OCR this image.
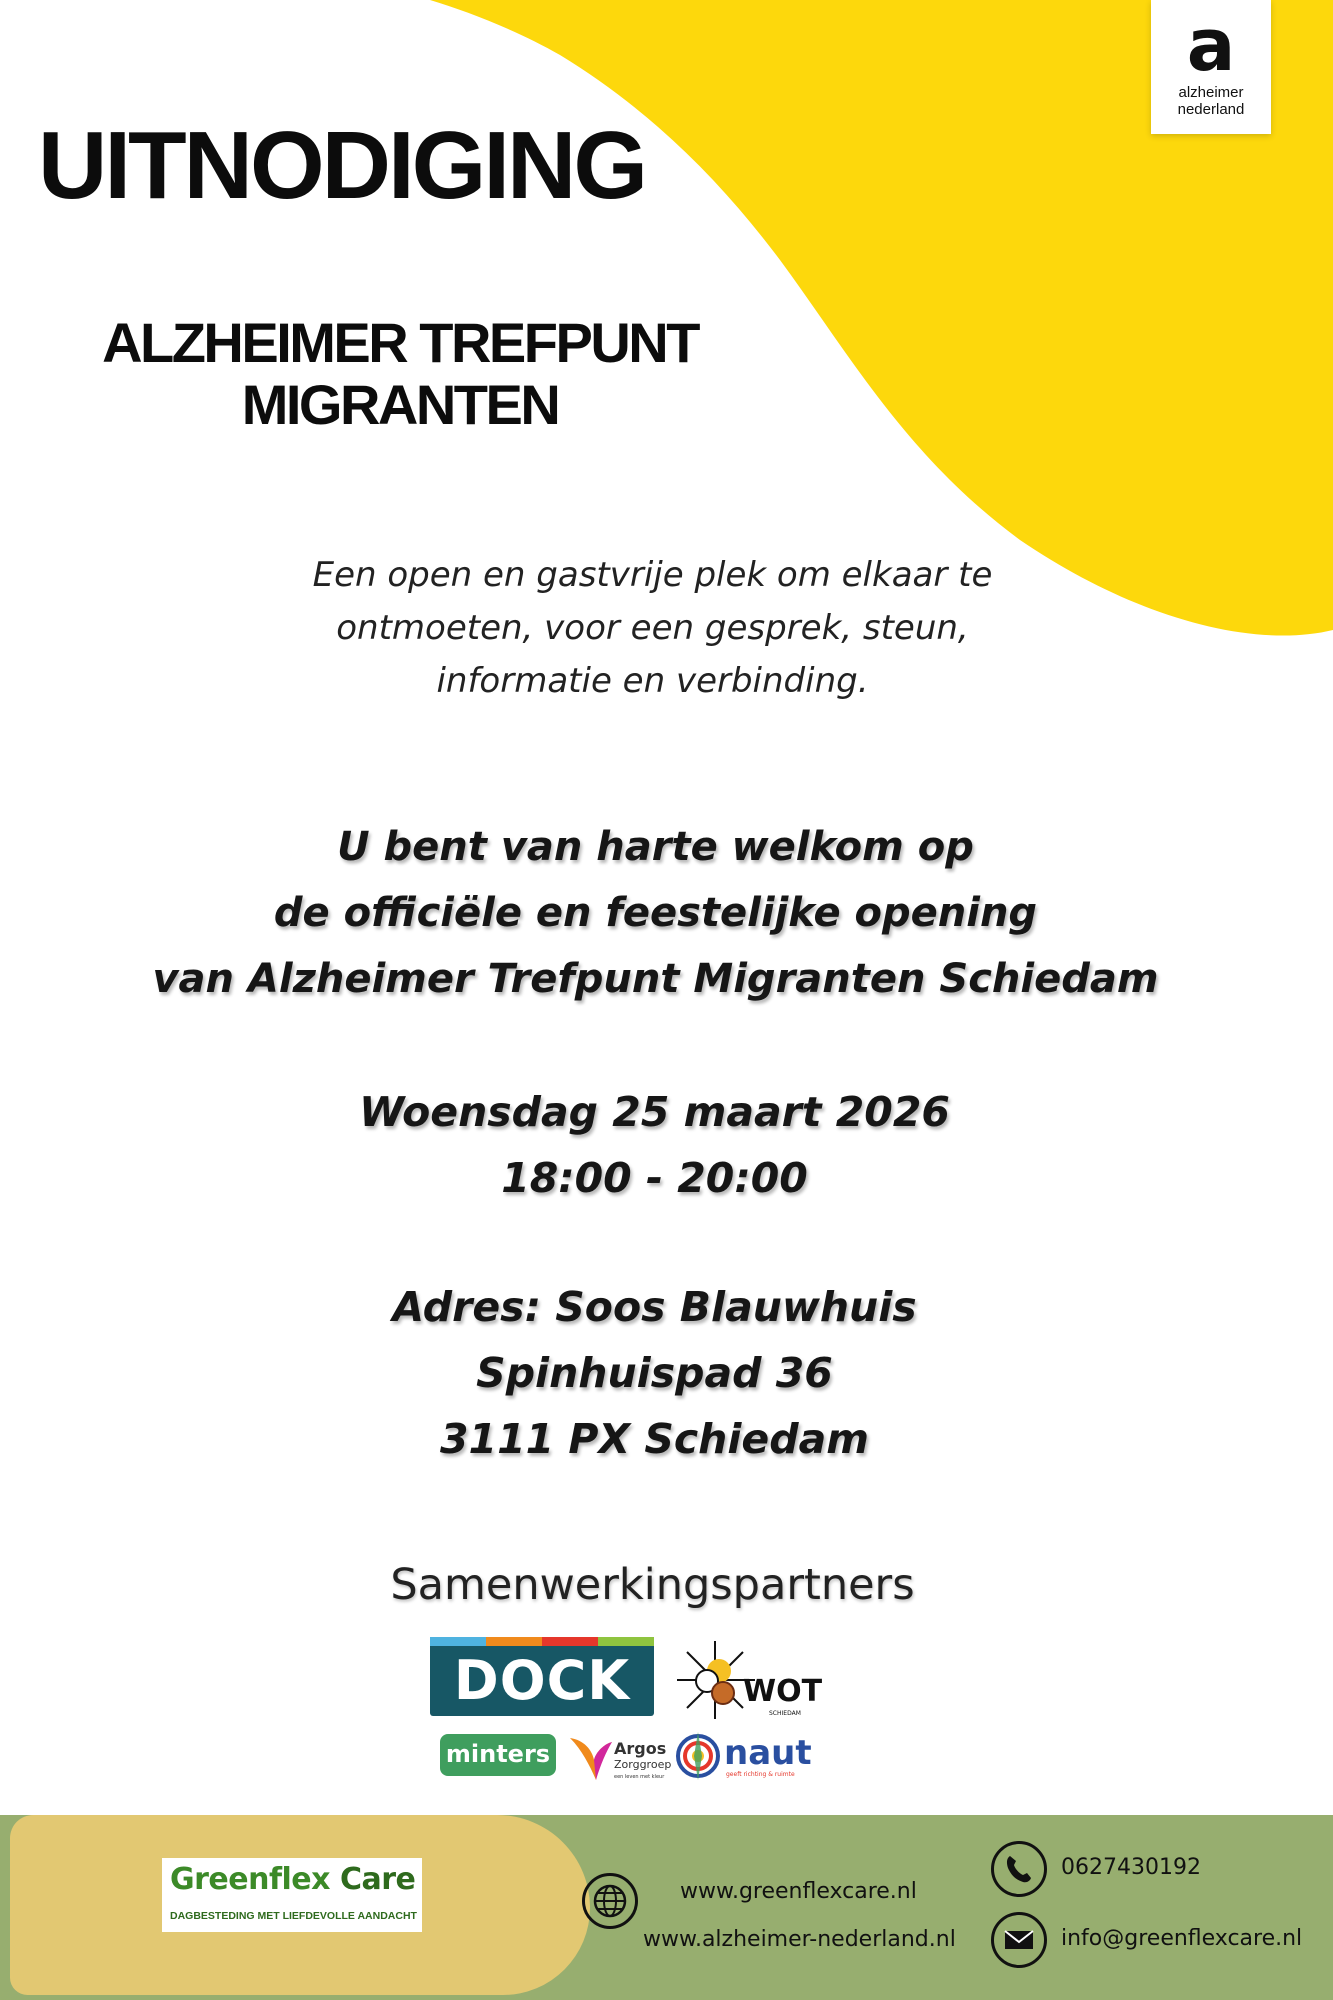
a
alzheimer
nederland
UITNODIGING
ALZHEIMER TREFPUNT
MIGRANTEN
Een open en gastvrije plek om elkaar te
ontmoeten, voor een gesprek, steun,
informatie en verbinding.
U bent van harte welkom op
de officiële en feestelijke opening
van Alzheimer Trefpunt Migranten Schiedam
Woensdag 25 maart 2026
18:00 - 20:00
Adres: Soos Blauwhuis
Spinhuispad 36
3111 PX Schiedam
Samenwerkingspartners
DOCK	WOT
SCHIEDAM
minters	Argos
Zorggroep
een leven met kleur
naut
geeft richting & ruimte
Greenflex Care
DAGBESTEDING MET LIEFDEVOLLE AANDACHT
www.greenflexcare.nl
www.alzheimer-nederland.nl
0627430192
info@greenflexcare.nl
